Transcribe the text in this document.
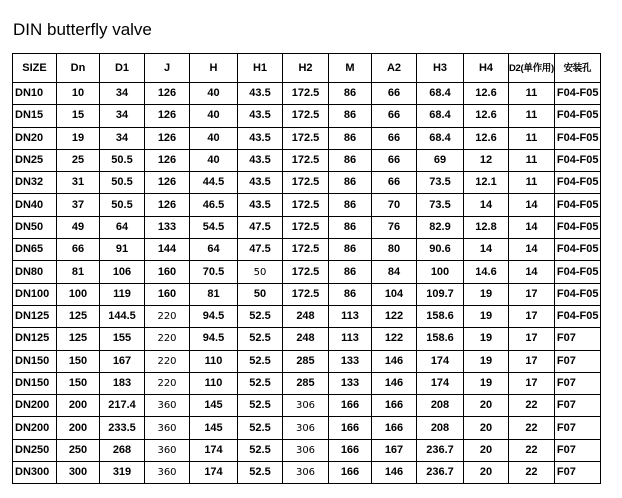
DIN butterfly valve
SIZE	Dn	D1	J	H	H1	H2	M	A2	H3	H4	D2(单作用)	安装孔
DN10	10	34	126	40	43.5	172.5	86	66	68.4	12.6	11	F04-F05
DN15	15	34	126	40	43.5	172.5	86	66	68.4	12.6	11	F04-F05
DN20	19	34	126	40	43.5	172.5	86	66	68.4	12.6	11	F04-F05
DN25	25	50.5	126	40	43.5	172.5	86	66	69	12	11	F04-F05
DN32	31	50.5	126	44.5	43.5	172.5	86	66	73.5	12.1	11	F04-F05
DN40	37	50.5	126	46.5	43.5	172.5	86	70	73.5	14	14	F04-F05
DN50	49	64	133	54.5	47.5	172.5	86	76	82.9	12.8	14	F04-F05
DN65	66	91	144	64	47.5	172.5	86	80	90.6	14	14	F04-F05
DN80	81	106	160	70.5	50	172.5	86	84	100	14.6	14	F04-F05
DN100	100	119	160	81	50	172.5	86	104	109.7	19	17	F04-F05
DN125	125	144.5	220	94.5	52.5	248	113	122	158.6	19	17	F04-F05
DN125	125	155	220	94.5	52.5	248	113	122	158.6	19	17	F07
DN150	150	167	220	110	52.5	285	133	146	174	19	17	F07
DN150	150	183	220	110	52.5	285	133	146	174	19	17	F07
DN200	200	217.4	360	145	52.5	306	166	166	208	20	22	F07
DN200	200	233.5	360	145	52.5	306	166	166	208	20	22	F07
DN250	250	268	360	174	52.5	306	166	167	236.7	20	22	F07
DN300	300	319	360	174	52.5	306	166	146	236.7	20	22	F07
